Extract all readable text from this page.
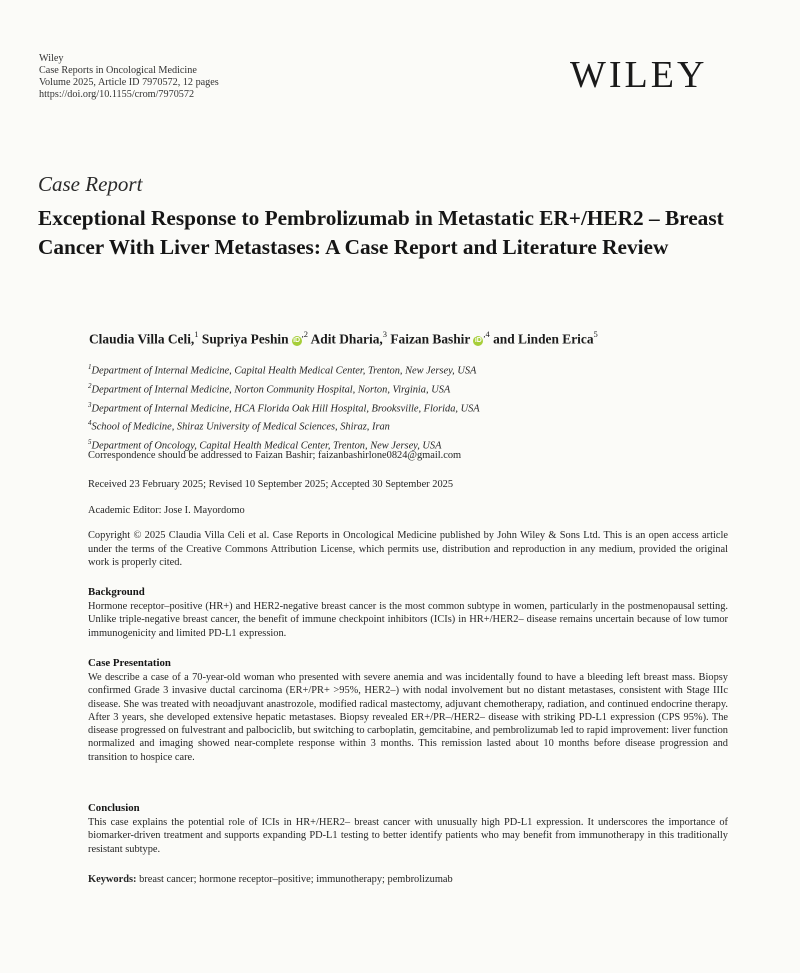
Wiley
Case Reports in Oncological Medicine
Volume 2025, Article ID 7970572, 12 pages
https://doi.org/10.1155/crom/7970572	WILEY
Case Report
Exceptional Response to Pembrolizumab in Metastatic ER+/HER2 – Breast Cancer With Liver Metastases: A Case Report and Literature Review
Claudia Villa Celi,$^1$ Supriya Peshin $iD^{,2}$ Adit Dharia,$^3$ Faizan Bashir $iD^{,4}$ and Linden Erica$^5$
$^1$Department of Internal Medicine, Capital Health Medical Center, Trenton, New Jersey, USA
$^2$Department of Internal Medicine, Norton Community Hospital, Norton, Virginia, USA
$^3$Department of Internal Medicine, HCA Florida Oak Hill Hospital, Brooksville, Florida, USA
$^4$School of Medicine, Shiraz University of Medical Sciences, Shiraz, Iran
$^5$Department of Oncology, Capital Health Medical Center, Trenton, New Jersey, USA
Correspondence should be addressed to Faizan Bashir; faizanbashirlone0824@gmail.com
Received 23 February 2025; Revised 10 September 2025; Accepted 30 September 2025
Academic Editor: Jose I. Mayordomo
Copyright © 2025 Claudia Villa Celi et al. Case Reports in Oncological Medicine published by John Wiley & Sons Ltd. This is an open access article under the terms of the Creative Commons Attribution License, which permits use, distribution and reproduction in any medium, provided the original work is properly cited.
Background
Hormone receptor–positive (HR+) and HER2-negative breast cancer is the most common subtype in women, particularly in the postmenopausal setting. Unlike triple-negative breast cancer, the benefit of immune checkpoint inhibitors (ICIs) in HR+/HER2– disease remains uncertain because of low tumor immunogenicity and limited PD-L1 expression.
Case Presentation
We describe a case of a 70-year-old woman who presented with severe anemia and was incidentally found to have a bleeding left breast mass. Biopsy confirmed Grade 3 invasive ductal carcinoma (ER+/PR+ >95%, HER2–) with nodal involvement but no distant metastases, consistent with Stage IIIc disease. She was treated with neoadjuvant anastrozole, modified radical mastectomy, adjuvant chemotherapy, radiation, and continued endocrine therapy. After 3 years, she developed extensive hepatic metastases. Biopsy revealed ER+/PR–/HER2– disease with striking PD-L1 expression (CPS 95%). The disease progressed on fulvestrant and palbociclib, but switching to carboplatin, gemcitabine, and pembrolizumab led to rapid improvement: liver function normalized and imaging showed near-complete response within 3 months. This remission lasted about 10 months before disease progression and transition to hospice care.
Conclusion
This case explains the potential role of ICIs in HR+/HER2– breast cancer with unusually high PD-L1 expression. It underscores the importance of biomarker-driven treatment and supports expanding PD-L1 testing to better identify patients who may benefit from immunotherapy in this traditionally resistant subtype.
Keywords: breast cancer; hormone receptor–positive; immunotherapy; pembrolizumab
